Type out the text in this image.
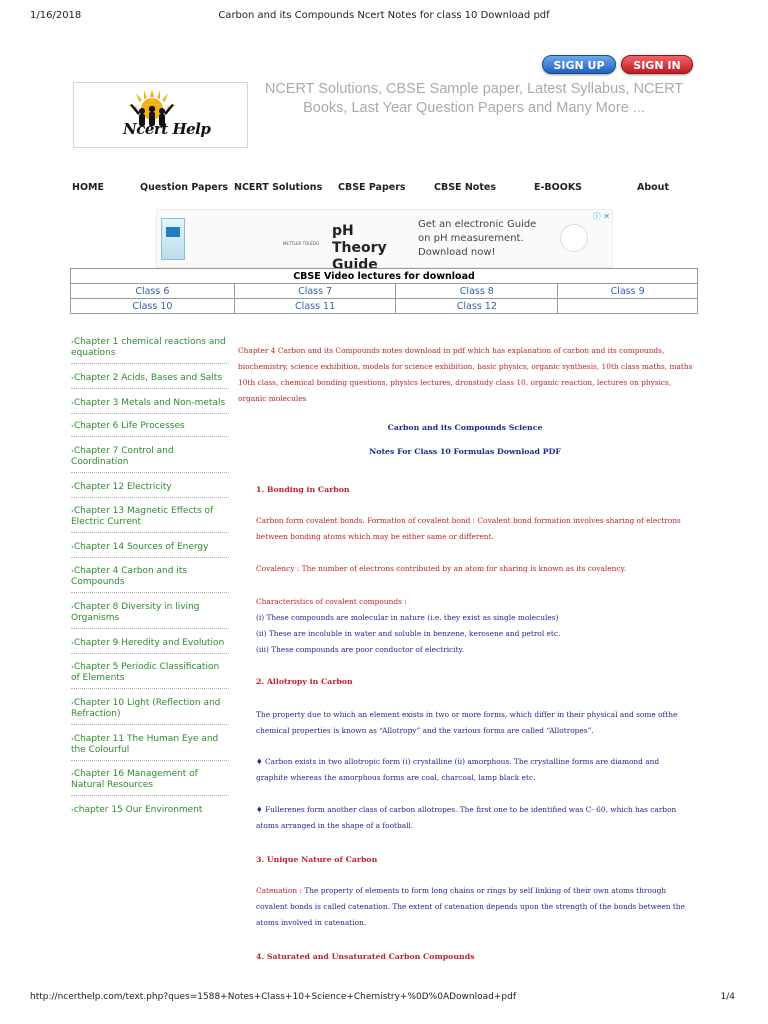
1/16/2018	Carbon and its Compounds Ncert Notes for class 10 Download pdf
SIGN UP	SIGN IN
Ncert Help
NCERT Solutions, CBSE Sample paper, Latest Syllabus, NCERT Books, Last Year Question Papers and Many More ...
HOME	Question Papers NCERT Solutions CBSE Papers	CBSE Notes	E-BOOKS	About
METTLER TOLEDO
pH Theory Guide
Get an electronic Guide on pH measurement. Download now!
ⓘ ✕
CBSE Video lectures for download			
Class 6	Class 7	Class 8	Class 9
Class 10	Class 11	Class 12	
›Chapter 1 chemical reactions and equations
›Chapter 2 Acids, Bases and Salts
›Chapter 3 Metals and Non-metals
›Chapter 6 Life Processes
›Chapter 7 Control and Coordination
›Chapter 12 Electricity
›Chapter 13 Magnetic Effects of Electric Current
›Chapter 14 Sources of Energy
›Chapter 4 Carbon and its Compounds
›Chapter 8 Diversity in living Organisms
›Chapter 9 Heredity and Evolution
›Chapter 5 Periodic Classification of Elements
›Chapter 10 Light (Reflection and Refraction)
›Chapter 11 The Human Eye and the Colourful
›Chapter 16 Management of Natural Resources
›chapter 15 Our Environment
Chapter 4 Carbon and its Compounds notes download in pdf which has explanation of carbon and its compounds, biochemistry, science exhibition, models for science exhibition, basic physics, organic synthesis, 10th class maths, maths 10th class, chemical bonding questions, physics lectures, dronstudy class 10, organic reaction, lectures on physics, organic molecules
Carbon and its Compounds Science
Notes For Class 10 Formulas Download PDF
1. Bonding in Carbon
Carbon form covalent bonds. Formation of covalent bond : Covalent bond formation involves sharing of electrons between bonding atoms which may be either same or different.
Covalency : The number of electrons contributed by an atom for sharing is known as its covalency.
Characteristics of covalent compounds :
(i) These compounds are molecular in nature (i.e. they exist as single molecules)
(ii) These are incoluble in water and soluble in benzene, kerosene and petrol etc.
(iii) These compounds are poor conductor of electricity.
2. Allotropy in Carbon
The property due to which an element exists in two or more forms, which differ in their physical and some ofthe chemical properties is known as “Allotropy” and the various forms are called “Allotropes”.
♦ Carbon exists in two allotropic form (i) crystalline (ii) amorphous. The crystalline forms are diamond and graphite whereas the amorphous forms are coal, charcoal, lamp black etc.
♦ Fullerenes form another class of carbon allotropes. The first one to be identified was C- 60, which has carbon atoms arranged in the shape of a football.
3. Unique Nature of Carbon
Catenation : The property of elements to form long chains or rings by self linking of their own atoms through covalent bonds is called catenation. The extent of catenation depends upon the strength of the bonds between the atoms involved in catenation.
4. Saturated and Unsaturated Carbon Compounds
http://ncerthelp.com/text.php?ques=1588+Notes+Class+10+Science+Chemistry+%0D%0ADownload+pdf	1/4
